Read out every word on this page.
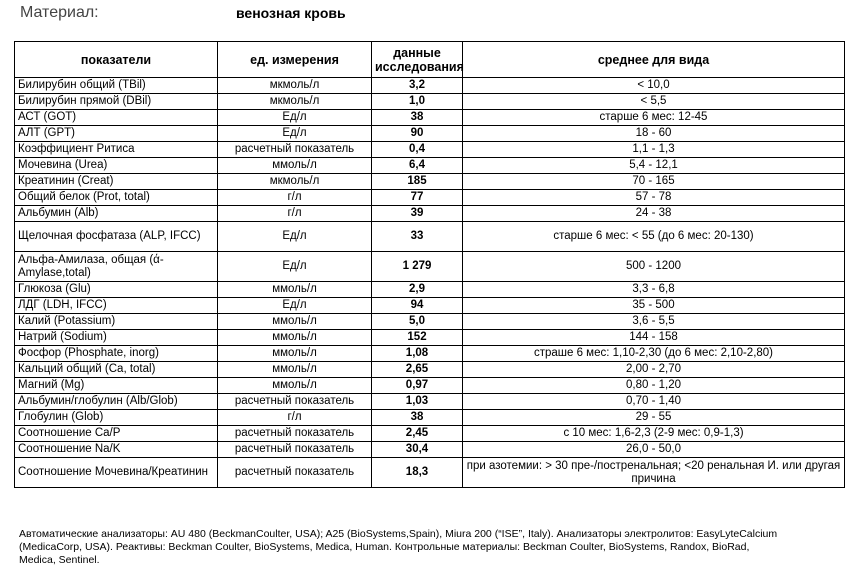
Материал:	венозная кровь
показатели	ед. измерения	данные исследования	среднее для вида
Билирубин общий (TBil)	мкмоль/л	3,2	< 10,0
Билирубин прямой (DBil)	мкмоль/л	1,0	< 5,5
АСТ (GOT)	Ед/л	38	старше 6 мес: 12-45
АЛТ (GPT)	Ед/л	90	18 - 60
Коэффициент Ритиса	расчетный показатель	0,4	1,1 - 1,3
Мочевина (Urea)	ммоль/л	6,4	5,4 - 12,1
Креатинин (Creat)	мкмоль/л	185	70 - 165
Общий белок (Prot, total)	г/л	77	57 - 78
Альбумин (Alb)	г/л	39	24 - 38
Щелочная фосфатаза (ALP, IFCC)	Ед/л	33	старше 6 мес: < 55 (до 6 мес: 20-130)
Альфа-Амилаза, общая (ά-Amylase,total)	Ед/л	1 279	500 - 1200
Глюкоза (Glu)	ммоль/л	2,9	3,3 - 6,8
ЛДГ (LDH, IFCC)	Ед/л	94	35 - 500
Калий (Potassium)	ммоль/л	5,0	3,6 - 5,5
Натрий (Sodium)	ммоль/л	152	144 - 158
Фосфор (Phosphate, inorg)	ммоль/л	1,08	страше 6 мес: 1,10-2,30 (до 6 мес: 2,10-2,80)
Кальций общий (Ca, total)	ммоль/л	2,65	2,00 - 2,70
Магний (Mg)	ммоль/л	0,97	0,80 - 1,20
Альбумин/глобулин (Alb/Glob)	расчетный показатель	1,03	0,70 - 1,40
Глобулин (Glob)	г/л	38	29 - 55
Соотношение Ca/P	расчетный показатель	2,45	с 10 мес: 1,6-2,3 (2-9 мес: 0,9-1,3)
Соотношение Na/K	расчетный показатель	30,4	26,0 - 50,0
Соотношение Мочевина/Креатинин	расчетный показатель	18,3	при азотемии: > 30 пре-/постренальная; <20 ренальная И. или другая причина
Автоматические анализаторы: AU 480 (BeckmanCoulter, USA); A25 (BioSystems,Spain), Miura 200 (“ISE”, Italy). Анализаторы электролитов: EasyLyteCalcium
(MedicaCorp, USA). Реактивы: Beckman Coulter, BioSystems, Medica, Human. Контрольные материалы: Beckman Coulter, BioSystems, Randox, BioRad,
Medica, Sentinel.
